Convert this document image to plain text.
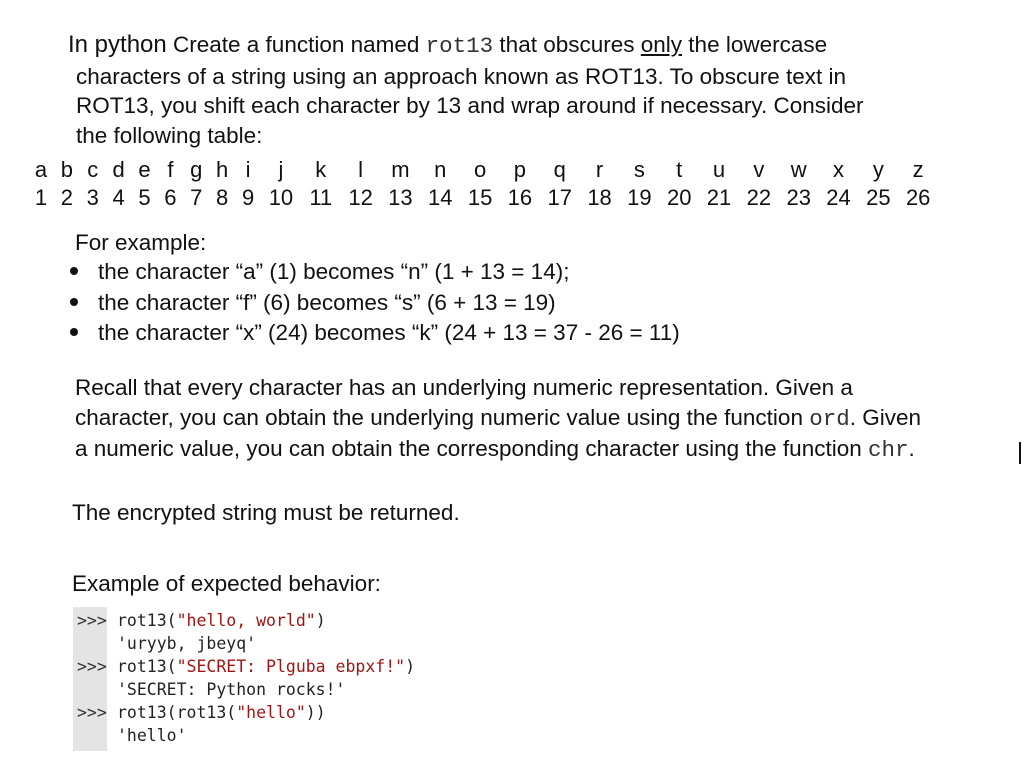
In python Create a function named rot13 that obscures only the lowercase
characters of a string using an approach known as ROT13. To obscure text in
ROT13, you shift each character by 13 and wrap around if necessary. Consider
the following table:
a b c d e f g h i	j	k	l	m	n	o	p	q	r	s	t	u	v	w	x	y	z
1 2 3 4 5 6 7 8 9 10 11 12 13 14 15 16 17 18 19 20 21 22 23 24 25 26

For example:

the character “a” (1) becomes “n” (1 + 13 = 14);
the character “f” (6) becomes “s” (6 + 13 = 19)
the character “x” (24) becomes “k” (24 + 13 = 37 - 26 = 11)
Recall that every character has an underlying numeric representation. Given a
character, you can obtain the underlying numeric value using the function ord. Given
a numeric value, you can obtain the corresponding character using the function chr.

The encrypted string must be returned.

Example of expected behavior:

>>> rot13("hello, world")
'uryyb, jbeyq'
>>> rot13("SECRET: Plguba ebpxf!")
'SECRET: Python rocks!'
>>> rot13(rot13("hello"))
'hello'
